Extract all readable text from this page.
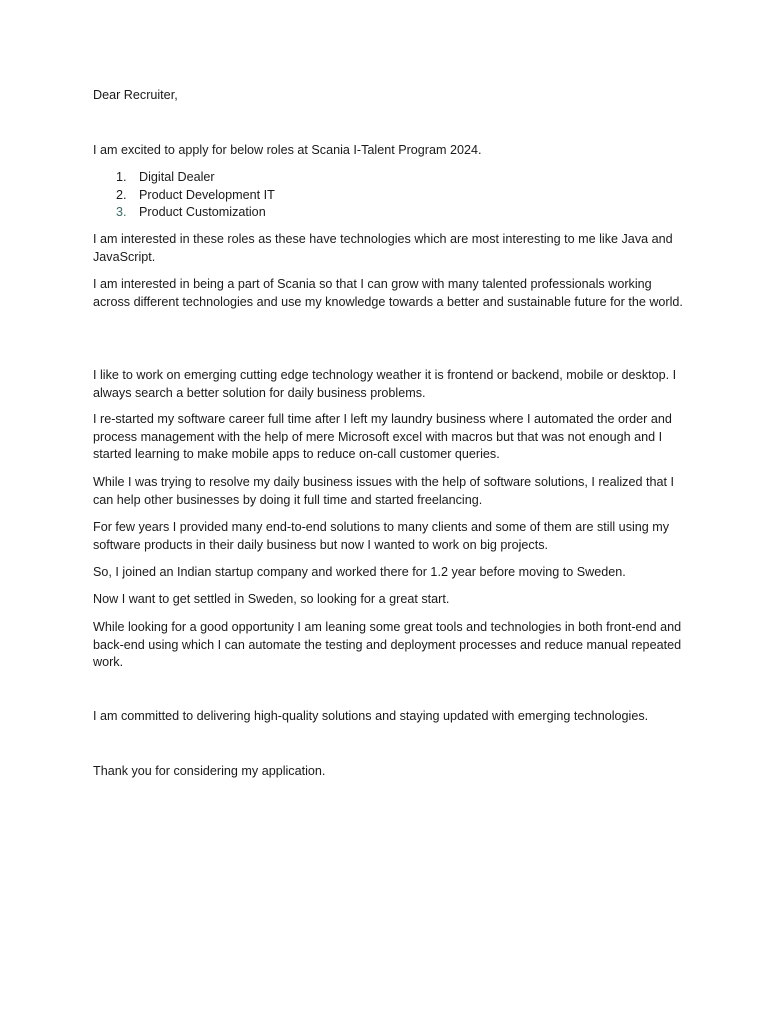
Dear Recruiter,

I am excited to apply for below roles at Scania I-Talent Program 2024.

1. Digital Dealer
2. Product Development IT
3. Product Customization

I am interested in these roles as these have technologies which are most interesting to me like Java and JavaScript.

I am interested in being a part of Scania so that I can grow with many talented professionals working across different technologies and use my knowledge towards a better and sustainable future for the world.

I like to work on emerging cutting edge technology weather it is frontend or backend, mobile or desktop. I always search a better solution for daily business problems.

I re-started my software career full time after I left my laundry business where I automated the order and process management with the help of mere Microsoft excel with macros but that was not enough and I started learning to make mobile apps to reduce on-call customer queries.

While I was trying to resolve my daily business issues with the help of software solutions, I realized that I can help other businesses by doing it full time and started freelancing.

For few years I provided many end-to-end solutions to many clients and some of them are still using my software products in their daily business but now I wanted to work on big projects.

So, I joined an Indian startup company and worked there for 1.2 year before moving to Sweden.

Now I want to get settled in Sweden, so looking for a great start.

While looking for a good opportunity I am leaning some great tools and technologies in both front-end and back-end using which I can automate the testing and deployment processes and reduce manual repeated work.

I am committed to delivering high-quality solutions and staying updated with emerging technologies.

Thank you for considering my application.
